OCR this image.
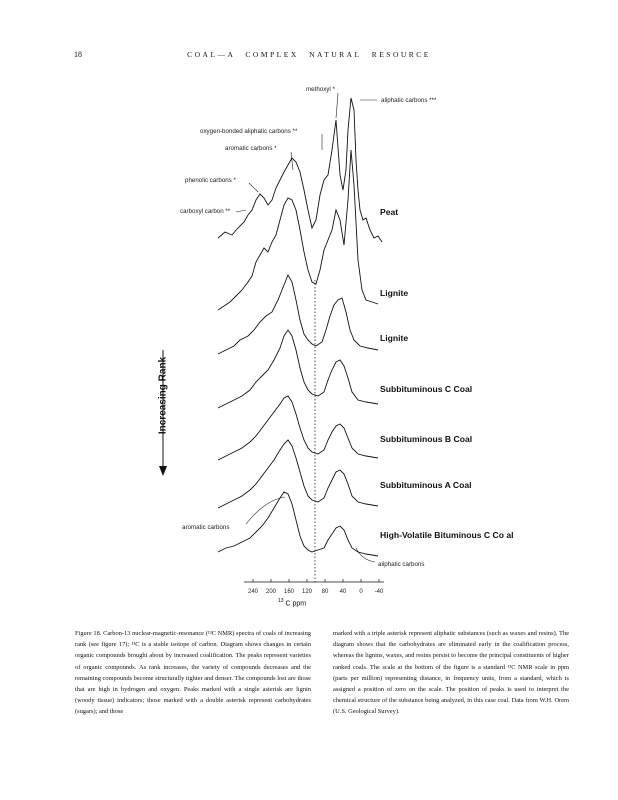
18	COAL—A COMPLEX NATURAL RESOURCE
methoxyl *
aliphatic carbons ***
oxygen-bonded aliphatic carbons **
aromatic carbons *
phenolic carbons *
carboxyl carbon **
aromatic carbons
aliphatic carbons
Peat
Lignite
Lignite
Subbituminous C Coal
Subbituminous B Coal
Subbituminous A Coal
High-Volatile Bituminous C Co al
240 200 160 120 80 40 0 -40
Increasing Rank
$^{13}$ C ppm
Figure 18. Carbon-13 nuclear-magnetic-resonance (¹³C NMR) spectra of coals of increasing rank (see figure 17); ¹³C is a stable isotope of carbon. Diagram shows changes in certain organic compounds brought about by increased coalification. The peaks represent varieties of organic compounds. As rank increases, the variety of compounds decreases and the remaining compounds become structurally tighter and denser. The compounds lost are those that are high in hydrogen and oxygen. Peaks marked with a single asterisk are lignin (woody tissue) indicators; those marked with a double asterisk represent carbohydrates (sugars); and those
marked with a triple asterisk represent aliphatic substances (such as waxes and resins). The diagram shows that the carbohydrates are eliminated early in the coalification process, whereas the lignins, waxes, and resins persist to become the principal constituents of higher ranked coals. The scale at the bottom of the figure is a standard ¹³C NMR scale in ppm (parts per million) representing distance, in frequency units, from a standard, which is assigned a position of zero on the scale. The position of peaks is used to interpret the chemical structure of the substance being analyzed, in this case coal. Data from W.H. Orem (U.S. Geological Survey).
